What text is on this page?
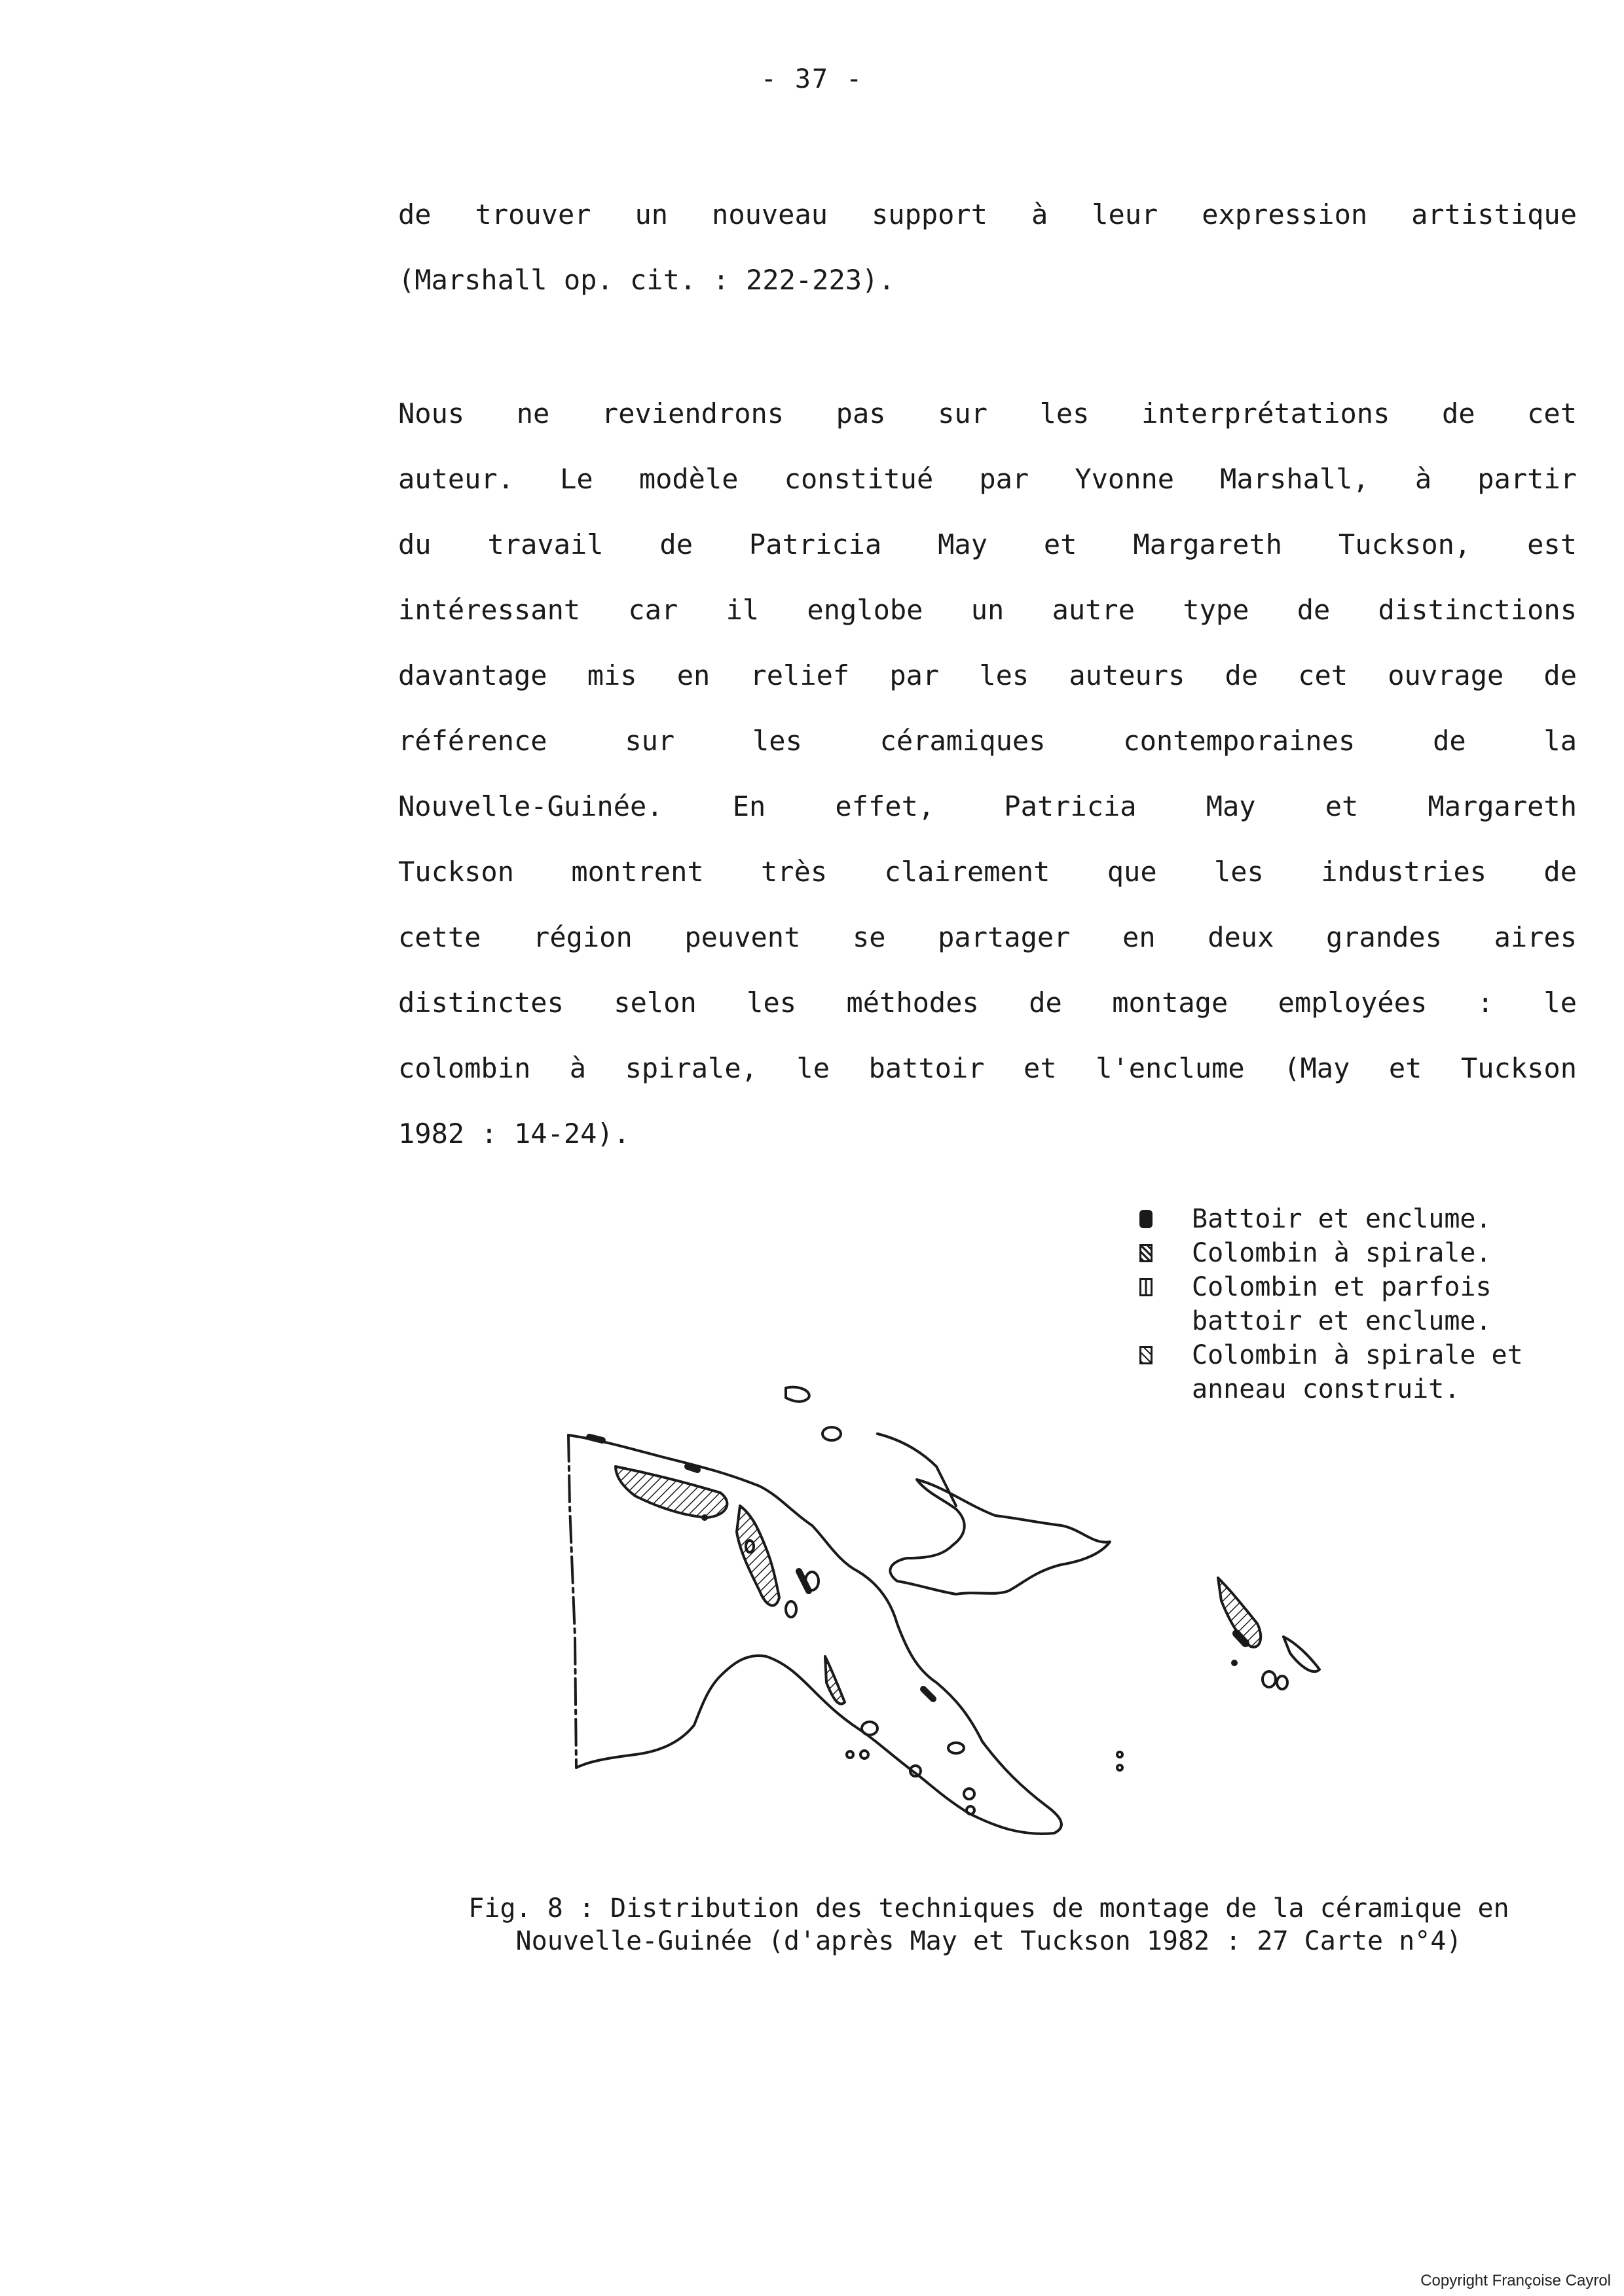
- 37 -
de trouver un nouveau support à leur expression artistique
(Marshall op. cit. : 222-223).
Nous ne reviendrons pas sur les interprétations de cet
auteur. Le modèle constitué par Yvonne Marshall, à partir
du travail de Patricia May et Margareth Tuckson, est
intéressant car il englobe un autre type de distinctions
davantage mis en relief par les auteurs de cet ouvrage de
référence sur les céramiques contemporaines de la
Nouvelle-Guinée. En effet, Patricia May et Margareth
Tuckson montrent très clairement que les industries de
cette région peuvent se partager en deux grandes aires
distinctes selon les méthodes de montage employées : le
colombin à spirale, le battoir et l'enclume (May et Tuckson
1982 : 14-24).
Battoir et enclume.
Colombin à spirale.
Colombin et parfois
battoir et enclume.
Colombin à spirale et
anneau construit.
Fig. 8 : Distribution des techniques de montage de la céramique en
Nouvelle-Guinée (d'après May et Tuckson 1982 : 27 Carte n°4)
Copyright Françoise Cayrol
